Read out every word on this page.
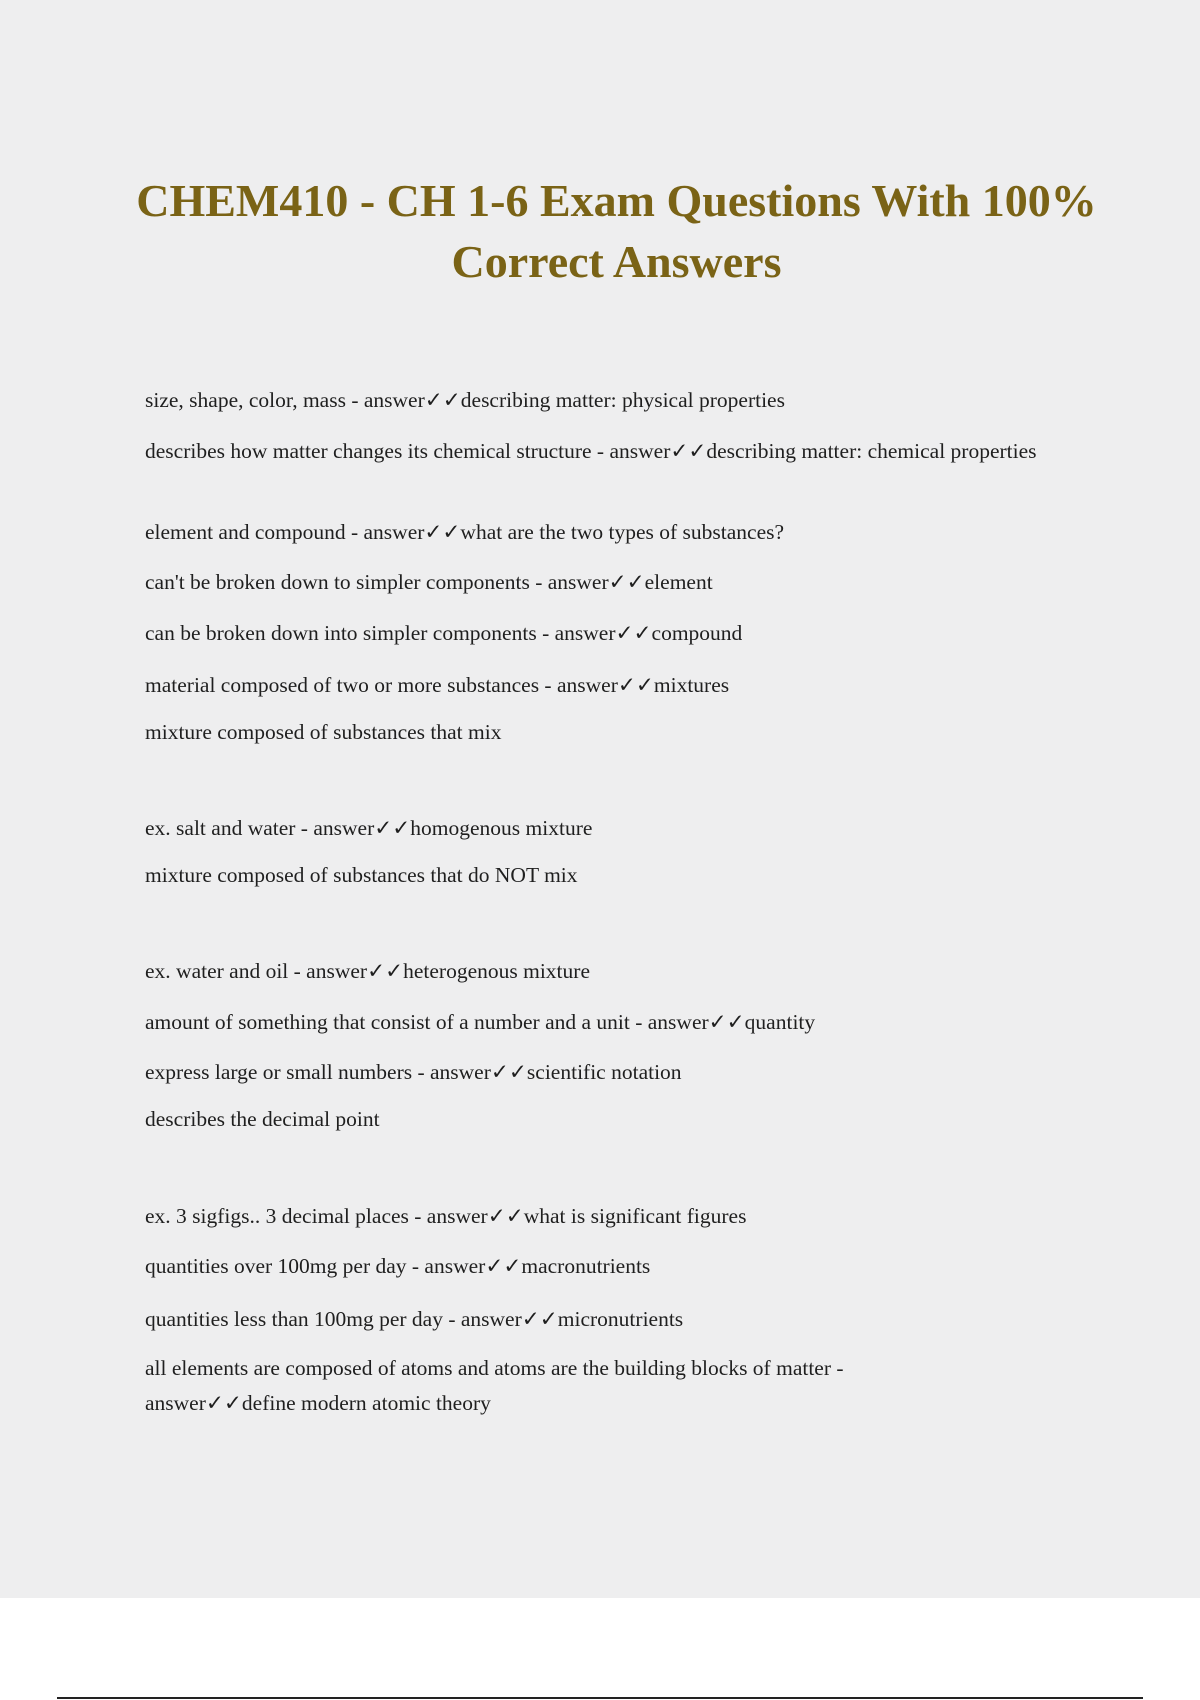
CHEM410 - CH 1-6 Exam Questions With 100% Correct Answers

size, shape, color, mass - answer✓✓describing matter: physical properties

describes how matter changes its chemical structure - answer✓✓describing matter: chemical properties

element and compound - answer✓✓what are the two types of substances?

can't be broken down to simpler components - answer✓✓element

can be broken down into simpler components - answer✓✓compound

material composed of two or more substances - answer✓✓mixtures

mixture composed of substances that mix

ex. salt and water - answer✓✓homogenous mixture

mixture composed of substances that do NOT mix

ex. water and oil - answer✓✓heterogenous mixture

amount of something that consist of a number and a unit - answer✓✓quantity

express large or small numbers - answer✓✓scientific notation

describes the decimal point

ex. 3 sigfigs.. 3 decimal places - answer✓✓what is significant figures

quantities over 100mg per day - answer✓✓macronutrients

quantities less than 100mg per day - answer✓✓micronutrients

all elements are composed of atoms and atoms are the building blocks of matter - answer✓✓define modern atomic theory
